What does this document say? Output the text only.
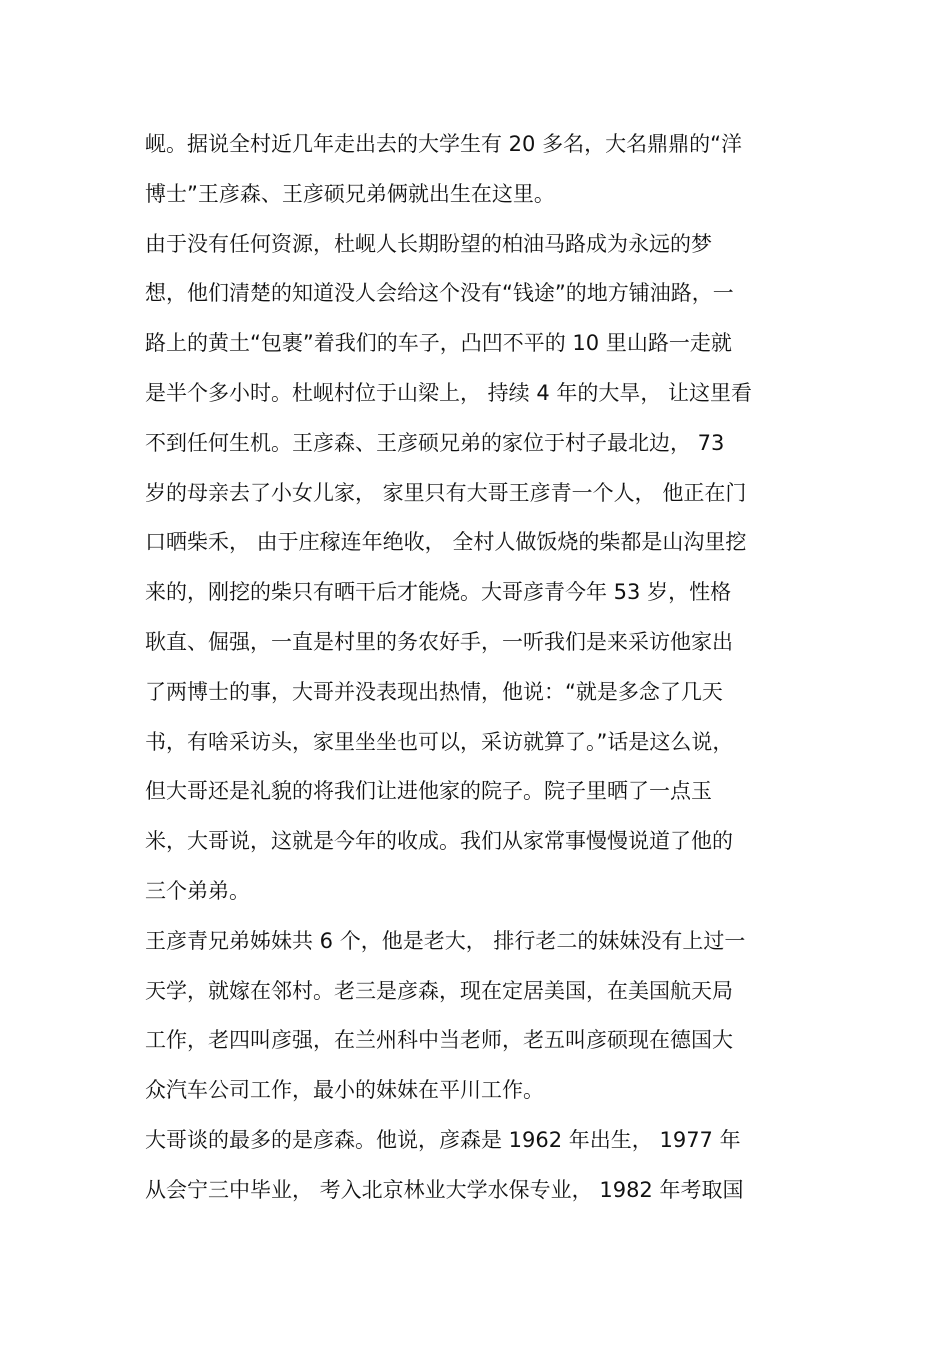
岘。据说全村近几年走出去的大学生有 20 多名，大名鼎鼎的“洋
博士”王彦森、王彦硕兄弟俩就出生在这里。
由于没有任何资源，杜岘人长期盼望的柏油马路成为永远的梦
想，他们清楚的知道没人会给这个没有“钱途”的地方铺油路，一
路上的黄土“包裹”着我们的车子，凸凹不平的 10 里山路一走就
是半个多小时。杜岘村位于山梁上， 持续 4 年的大旱， 让这里看
不到任何生机。王彦森、王彦硕兄弟的家位于村子最北边， 73
岁的母亲去了小女儿家， 家里只有大哥王彦青一个人， 他正在门
口晒柴禾， 由于庄稼连年绝收， 全村人做饭烧的柴都是山沟里挖
来的，刚挖的柴只有晒干后才能烧。大哥彦青今年 53 岁，性格
耿直、倔强，一直是村里的务农好手，一听我们是来采访他家出
了两博士的事，大哥并没表现出热情，他说：“就是多念了几天
书，有啥采访头，家里坐坐也可以，采访就算了。”话是这么说，
但大哥还是礼貌的将我们让进他家的院子。院子里晒了一点玉
米，大哥说，这就是今年的收成。我们从家常事慢慢说道了他的
三个弟弟。
王彦青兄弟姊妹共 6 个，他是老大， 排行老二的妹妹没有上过一
天学，就嫁在邻村。老三是彦森，现在定居美国，在美国航天局
工作，老四叫彦强，在兰州科中当老师，老五叫彦硕现在德国大
众汽车公司工作，最小的妹妹在平川工作。
大哥谈的最多的是彦森。他说，彦森是 1962 年出生， 1977 年
从会宁三中毕业， 考入北京林业大学水保专业， 1982 年考取国
